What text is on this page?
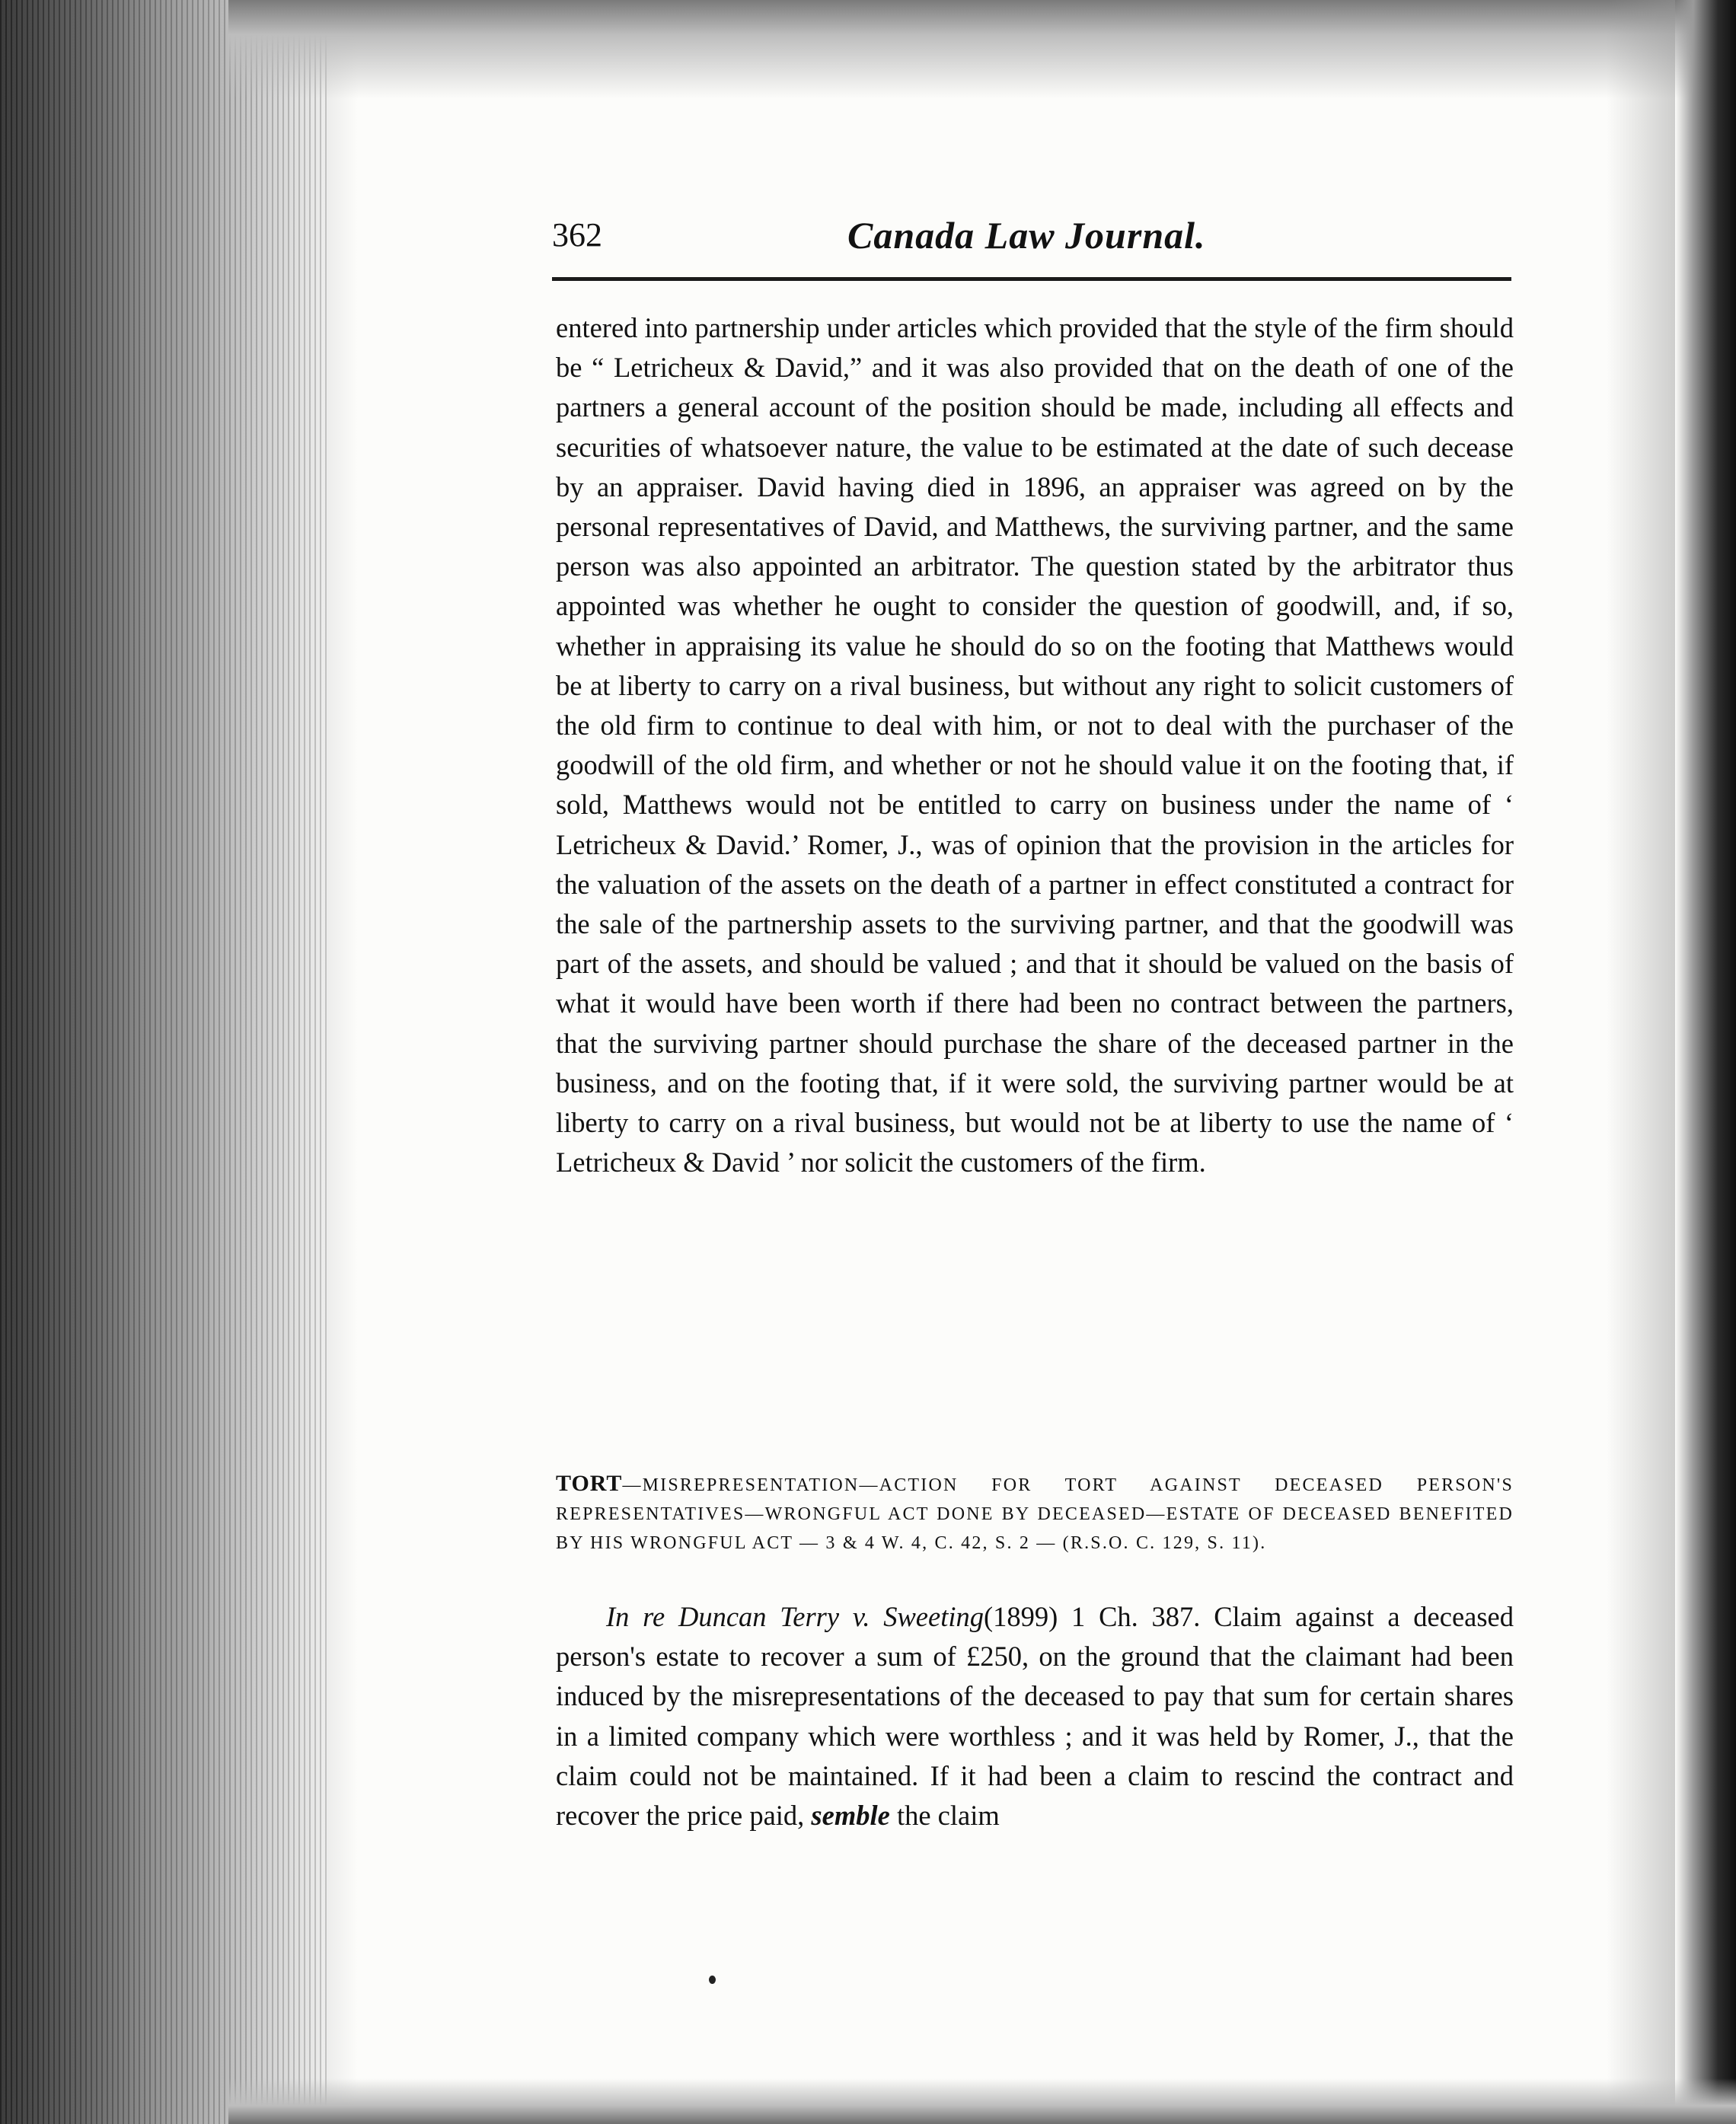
362	Canada Law Journal.

entered into partnership under articles which provided that the style of the firm should be “ Letricheux & David,” and it was also provided that on the death of one of the partners a general account of the position should be made, including all effects and securities of whatsoever nature, the value to be estimated at the date of such decease by an appraiser. David having died in 1896, an appraiser was agreed on by the personal representatives of David, and Matthews, the surviving partner, and the same person was also appointed an arbitrator. The question stated by the arbitrator thus appointed was whether he ought to consider the question of goodwill, and, if so, whether in appraising its value he should do so on the footing that Matthews would be at liberty to carry on a rival business, but without any right to solicit customers of the old firm to continue to deal with him, or not to deal with the purchaser of the goodwill of the old firm, and whether or not he should value it on the footing that, if sold, Matthews would not be entitled to carry on business under the name of ‘ Letricheux & David.’ Romer, J., was of opinion that the provision in the articles for the valuation of the assets on the death of a partner in effect constituted a contract for the sale of the partnership assets to the surviving partner, and that the goodwill was part of the assets, and should be valued ; and that it should be valued on the basis of what it would have been worth if there had been no contract between the partners, that the surviving partner should purchase the share of the deceased partner in the business, and on the footing that, if it were sold, the surviving partner would be at liberty to carry on a rival business, but would not be at liberty to use the name of ‘ Letricheux & David ’ nor solicit the customers of the firm.

TORT—MISREPRESENTATION—ACTION FOR TORT AGAINST DECEASED PERSON'S REPRESENTATIVES—WRONGFUL ACT DONE BY DECEASED—ESTATE OF DECEASED BENEFITED BY HIS WRONGFUL ACT — 3 & 4 W. 4, C. 42, S. 2 — (R.S.O. C. 129, S. 11).

In re Duncan Terry v. Sweeting(1899) 1 Ch. 387. Claim against a deceased person's estate to recover a sum of £250, on the ground that the claimant had been induced by the misrepresentations of the deceased to pay that sum for certain shares in a limited company which were worthless ; and it was held by Romer, J., that the claim could not be maintained. If it had been a claim to rescind the contract and recover the price paid, semble the claim
